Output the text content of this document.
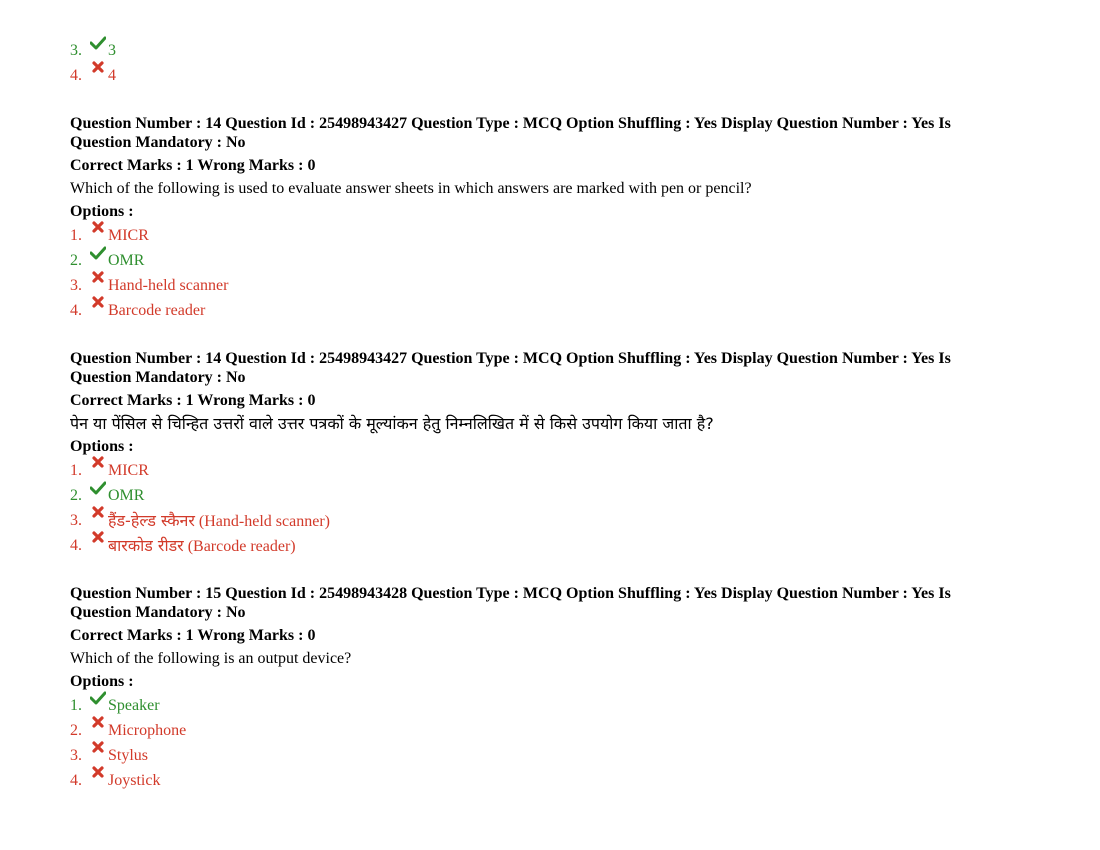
3.	3
4.	4
Question Number : 14 Question Id : 25498943427 Question Type : MCQ Option Shuffling : Yes Display Question Number : Yes Is Question Mandatory : No
Correct Marks : 1 Wrong Marks : 0
Which of the following is used to evaluate answer sheets in which answers are marked with pen or pencil?
Options :
1.	MICR
2.	OMR
3.	Hand-held scanner
4.	Barcode reader
Question Number : 14 Question Id : 25498943427 Question Type : MCQ Option Shuffling : Yes Display Question Number : Yes Is Question Mandatory : No
Correct Marks : 1 Wrong Marks : 0
पेन या पेंसिल से चिन्हित उत्तरों वाले उत्तर पत्रकों के मूल्यांकन हेतु निम्नलिखित में से किसे उपयोग किया जाता है?
Options :
1.	MICR
2.	OMR
3.	हैंड-हेल्ड स्कैनर (Hand-held scanner)
4.	बारकोड रीडर (Barcode reader)
Question Number : 15 Question Id : 25498943428 Question Type : MCQ Option Shuffling : Yes Display Question Number : Yes Is Question Mandatory : No
Correct Marks : 1 Wrong Marks : 0
Which of the following is an output device?
Options :
1.	Speaker
2.	Microphone
3.	Stylus
4.	Joystick
